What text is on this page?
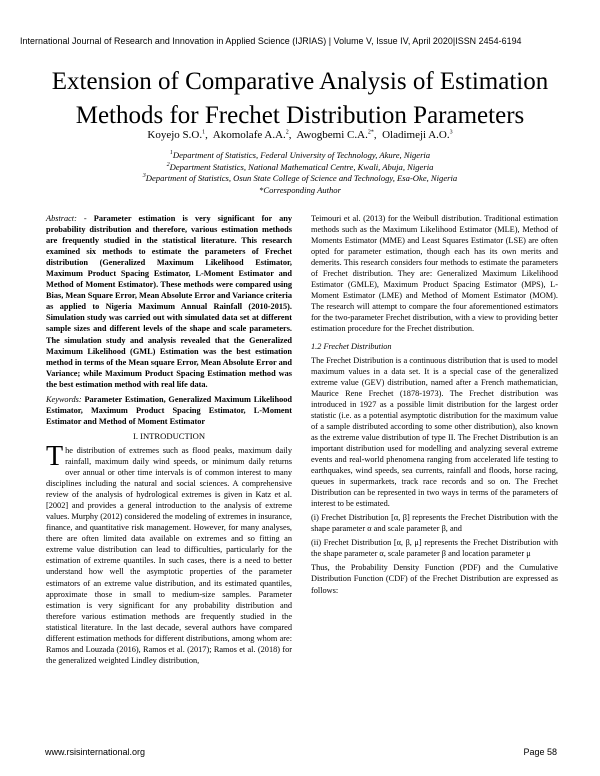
International Journal of Research and Innovation in Applied Science (IJRIAS) | Volume V, Issue IV, April 2020|ISSN 2454-6194
Extension of Comparative Analysis of Estimation Methods for Frechet Distribution Parameters
Koyejo S.O.$^1$,  Akomolafe A.A.$^2$,  Awogbemi C.A.$^{2*}$,  Oladimeji A.O.$^3$
$^1$Department of Statistics, Federal University of Technology, Akure, Nigeria
$^2$Department Statistics, National Mathematical Centre, Kwali, Abuja, Nigeria
$^3$Department of Statistics, Osun State College of Science and Technology, Esa-Oke, Nigeria
*Corresponding Author

Abstract: - Parameter estimation is very significant for any probability distribution and therefore, various estimation methods are frequently studied in the statistical literature. This research examined six methods to estimate the parameters of Frechet distribution (Generalized Maximum Likelihood Estimator, Maximum Product Spacing Estimator, L-Moment Estimator and Method of Moment Estimator). These methods were compared using Bias, Mean Square Error, Mean Absolute Error and Variance criteria as applied to Nigeria Maximum Annual Rainfall (2010-2015). Simulation study was carried out with simulated data set at different sample sizes and different levels of the shape and scale parameters. The simulation study and analysis revealed that the Generalized Maximum Likelihood (GML) Estimation was the best estimation method in terms of the Mean square Error, Mean Absolute Error and Variance; while Maximum Product Spacing Estimation method was the best estimation method with real life data.

Keywords: Parameter Estimation, Generalized Maximum Likelihood Estimator, Maximum Product Spacing Estimator, L-Moment Estimator and Method of Moment Estimator

I. INTRODUCTION

The distribution of extremes such as flood peaks, maximum daily rainfall, maximum daily wind speeds, or minimum daily returns over annual or other time intervals is of common interest to many disciplines including the natural and social sciences. A comprehensive review of the analysis of hydrological extremes is given in Katz et al. [2002] and provides a general introduction to the analysis of extreme values. Murphy (2012) considered the modeling of extremes in insurance, finance, and quantitative risk management. However, for many analyses, there are often limited data available on extremes and so fitting an extreme value distribution can lead to difficulties, particularly for the estimation of extreme quantiles. In such cases, there is a need to better understand how well the asymptotic properties of the parameter estimators of an extreme value distribution, and its estimated quantiles, approximate those in small to medium-size samples. Parameter estimation is very significant for any probability distribution and therefore various estimation methods are frequently studied in the statistical literature. In the last decade, several authors have compared different estimation methods for different distributions, among whom are: Ramos and Louzada (2016), Ramos et al. (2017); Ramos et al. (2018) for the generalized weighted Lindley distribution,

Teimouri et al. (2013) for the Weibull distribution. Traditional estimation methods such as the Maximum Likelihood Estimator (MLE), Method of Moments Estimator (MME) and Least Squares Estimator (LSE) are often opted for parameter estimation, though each has its own merits and demerits. This research considers four methods to estimate the parameters of Frechet distribution. They are: Generalized Maximum Likelihood Estimator (GMLE), Maximum Product Spacing Estimator (MPS), L-Moment Estimator (LME) and Method of Moment Estimator (MOM). The research will attempt to compare the four aforementioned estimators for the two-parameter Frechet distribution, with a view to providing better estimation procedure for the Frechet distribution.

1.2 Frechet Distribution

The Frechet Distribution is a continuous distribution that is used to model maximum values in a data set. It is a special case of the generalized extreme value (GEV) distribution, named after a French mathematician, Maurice Rene Frechet (1878-1973). The Frechet distribution was introduced in 1927 as a possible limit distribution for the largest order statistic (i.e. as a potential asymptotic distribution for the maximum value of a sample distributed according to some other distribution), also known as the extreme value distribution of type II. The Frechet Distribution is an important distribution used for modelling and analyzing several extreme events and real-world phenomena ranging from accelerated life testing to earthquakes, wind speeds, sea currents, rainfall and floods, horse racing, queues in supermarkets, track race records and so on. The Frechet Distribution can be represented in two ways in terms of the parameters of interest to be estimated.

(i) Frechet Distribution [α, β] represents the Frechet Distribution with the shape parameter α and scale parameter β, and

(ii) Frechet Distribution [α, β, μ] represents the Frechet Distribution with the shape parameter α, scale parameter β and location parameter μ

Thus, the Probability Density Function (PDF) and the Cumulative Distribution Function (CDF) of the Frechet Distribution are expressed as follows:

www.rsisinternational.org	Page 58
